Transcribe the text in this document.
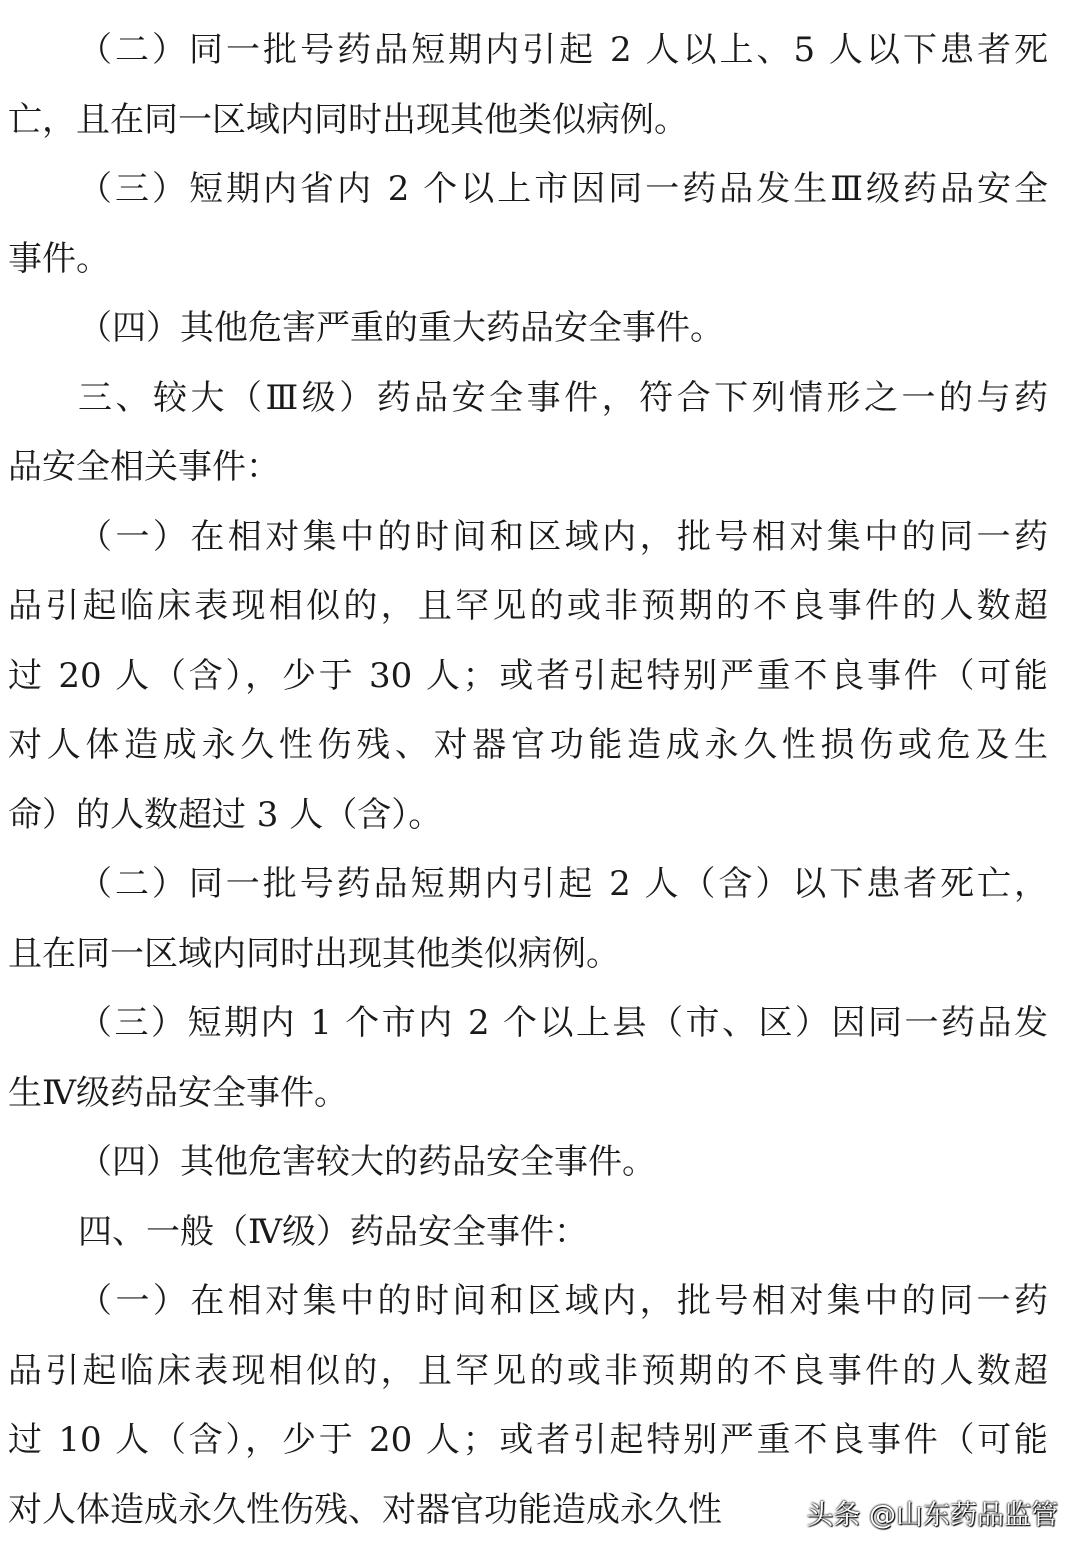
（二）同一批号药品短期内引起 2 人以上、5 人以下患者死
亡，且在同一区域内同时出现其他类似病例。
（三）短期内省内 2 个以上市因同一药品发生Ⅲ级药品安全
事件。
（四）其他危害严重的重大药品安全事件。
三、较大（Ⅲ级）药品安全事件，符合下列情形之一的与药
品安全相关事件：
（一）在相对集中的时间和区域内，批号相对集中的同一药
品引起临床表现相似的，且罕见的或非预期的不良事件的人数超
过 20 人（含），少于 30 人；或者引起特别严重不良事件（可能
对人体造成永久性伤残、对器官功能造成永久性损伤或危及生
命）的人数超过 3 人（含）。
（二）同一批号药品短期内引起 2 人（含）以下患者死亡，
且在同一区域内同时出现其他类似病例。
（三）短期内 1 个市内 2 个以上县（市、区）因同一药品发
生Ⅳ级药品安全事件。
（四）其他危害较大的药品安全事件。
四、一般（Ⅳ级）药品安全事件：
（一）在相对集中的时间和区域内，批号相对集中的同一药
品引起临床表现相似的，且罕见的或非预期的不良事件的人数超
过 10 人（含），少于 20 人；或者引起特别严重不良事件（可能
对人体造成永久性伤残、对器官功能造成永久性	头条 @山东药品监管
